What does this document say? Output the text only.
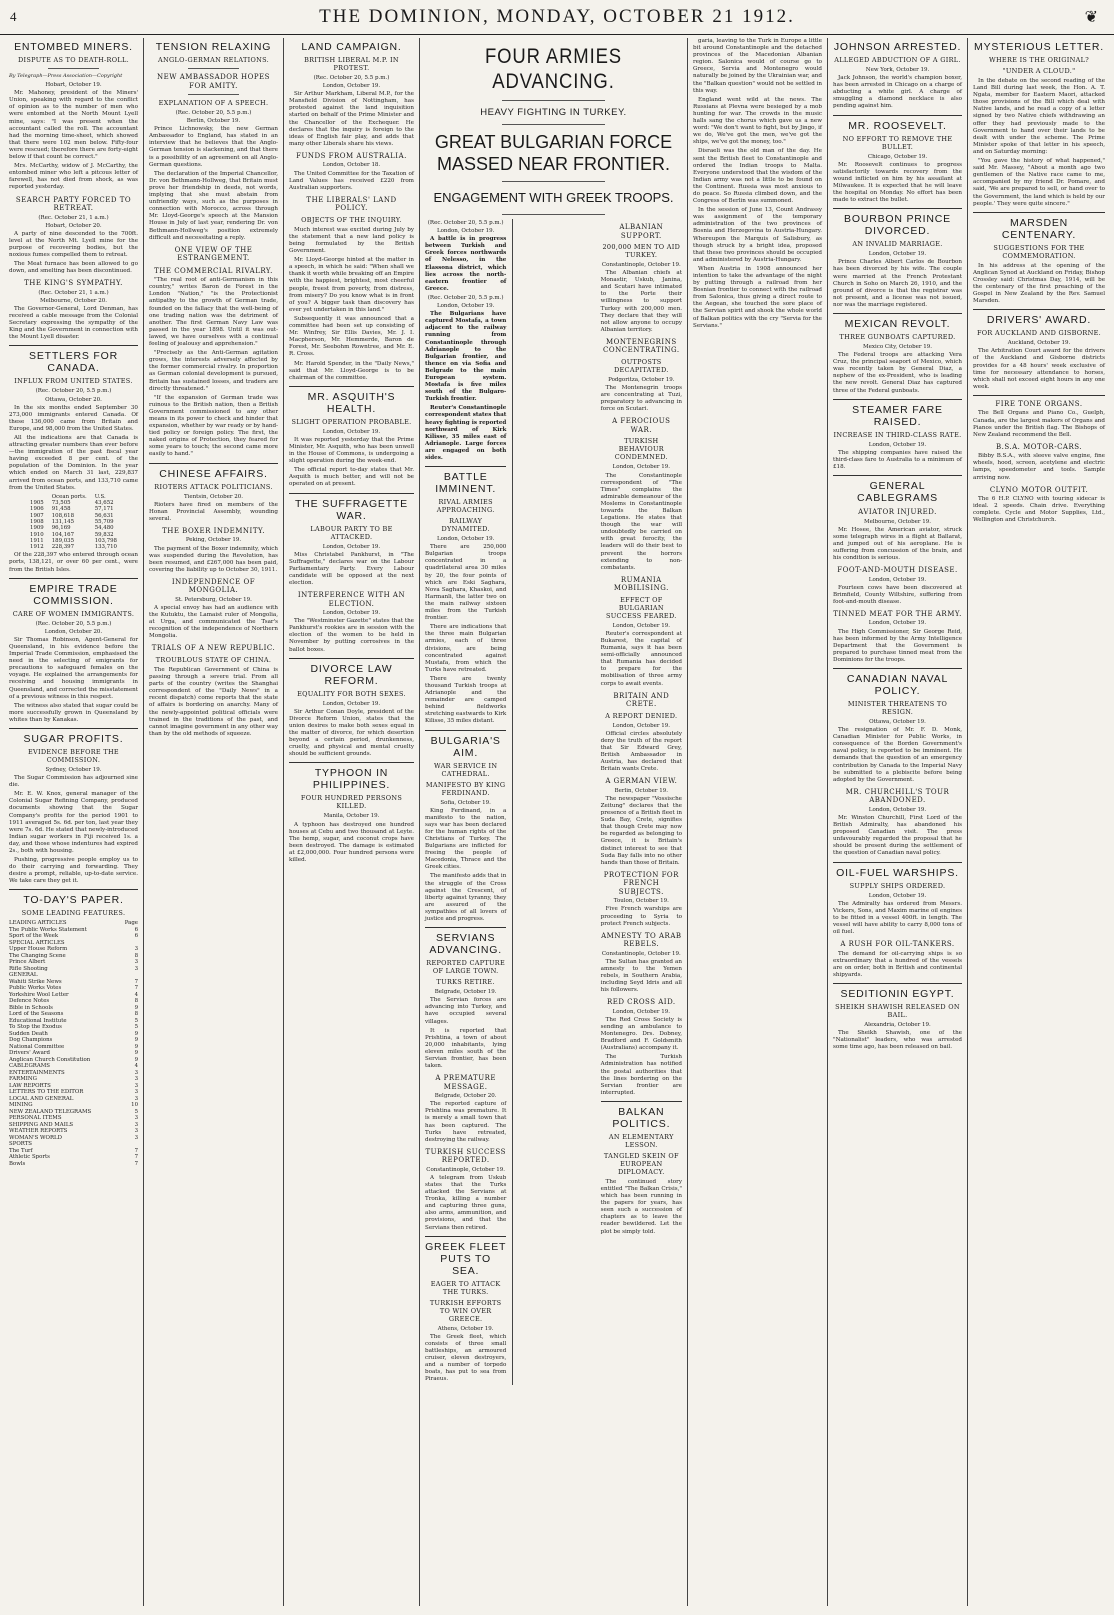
4	THE DOMINION, MONDAY, OCTOBER 21 1912.	❦
ENTOMBED MINERS.
DISPUTE AS TO DEATH-ROLL.
By Telegraph—Press Association—Copyright
Hobart, October 19.
Mr. Mahoney, president of the Miners' Union, speaking with regard to the conflict of opinion as to the number of men who were entombed at the North Mount Lyell mine, says: "I was present when the accountant called the roll. The accountant had the morning time-sheet, which showed that there were 102 men below. Fifty-four were rescued; therefore there are forty-eight below if that count be correct."
Mrs. McCarthy, widow of J. McCarthy, the entombed miner who left a pitcous letter of farewell, has not died from shock, as was reported yesterday.
SEARCH PARTY FORCED TO RETREAT.
(Rec. October 21, 1 a.m.)
Hobart, October 20.
A party of nine descended to the 700ft. level at the North Mt. Lyell mine for the purpose of recovering bodies, but the noxious fumes compelled them to retreat.
The Meat furnace has been allowed to go down, and smelting has been discontinued.
THE KING'S SYMPATHY.
(Rec. October 21, 1 a.m.)
Melbourne, October 20.
The Governor-General, Lord Denman, has received a cable message from the Colonial Secretary expressing the sympathy of the King and the Government in connection with the Mount Lyell disaster.
SETTLERS FOR CANADA.
INFLUX FROM UNITED STATES.
(Rec. October 20, 5.5 p.m.)
Ottawa, October 20.
In the six months ended September 30 273,000 immigrants entered Canada. Of these 136,000 came from Britain and Europe, and 98,000 from the United States.
All the indications are that Canada is attracting greater numbers than ever before—the immigration of the past fiscal year having exceeded 8 per cent. of the population of the Dominion. In the year which ended on March 31 last, 229,837 arrived from ocean ports, and 133,710 came from the United States.
	Ocean ports.	U.S.
1905	73,505	43,652
1906	91,458	57,171
1907	108,618	56,631
1908	131,145	55,709
1909	96,169	54,480
1910	104,167	59,832
1911	189,035	103,798
1912	228,397	133,710
Of the 228,397 who entered through ocean ports, 138,121, or over 60 per cent., were from the British Isles.
EMPIRE TRADE COMMISSION.
CARE OF WOMEN IMMIGRANTS.
(Rec. October 20, 5.5 p.m.)
London, October 20.
Sir Thomas Robinson, Agent-General for Queensland, in his evidence before the Imperial Trade Commission, emphasised the need in the selecting of emigrants for precautions to safeguard females on the voyage. He explained the arrangements for receiving and housing immigrants in Queensland, and corrected the misstatement of a previous witness in this respect.
The witness also stated that sugar could be more successfully grown in Queensland by whites than by Kanakas.
SUGAR PROFITS.
EVIDENCE BEFORE THE COMMISSION.
Sydney, October 19.
The Sugar Commission has adjourned sine die.
Mr. E. W. Knox, general manager of the Colonial Sugar Refining Company, produced documents showing that the Sugar Company's profits for the period 1901 to 1911 averaged 5s. 6d. per ton, last year they were 7s. 6d. He stated that newly-introduced Indian sugar workers in Fiji received 1s. a day, and those whose indentures had expired 2s., both with housing.
Pushing, progressive people employ us to do their carrying and forwarding. They desire a prompt, reliable, up-to-date service. We take care they get it.
TO-DAY'S PAPER.
SOME LEADING FEATURES.
LEADING ARTICLES	Page
The Public Works Statement	6
Sport of the Week	6
SPECIAL ARTICLES
Upper House Reform	3
The Changing Scene	8
Prince Albert	3
Rifle Shooting	3
GENERAL
Wahiti Strike News	7
Public Works Votes	7
Yorkshire Wool Letter	4
Defence Notes	8
Bible in Schools	9
Lord of the Seasons	8
Educational Institute	5
To Stop the Exodus	5
Sudden Death	9
Dog Champions	9
National Committee	9
Drivers' Award	9
Anglican Church Constitution	9
CABLEGRAMS	4
ENTERTAINMENTS	3
FARMING	3
LAW REPORTS	3
LETTERS TO THE EDITOR	3
LOCAL AND GENERAL	3
MINING	10
NEW ZEALAND TELEGRAMS	5
PERSONAL ITEMS	3
SHIPPING AND MAILS	3
WEATHER REPORTS	3
WOMAN'S WORLD	3
SPORTS
The Turf	7
Athletic Sports	7
Bowls	7
TENSION RELAXING
ANGLO-GERMAN RELATIONS.
NEW AMBASSADOR HOPES FOR AMITY.
EXPLANATION OF A SPEECH.
(Rec. October 20, 5.5 p.m.)
Berlin, October 19.
Prince Lichnowsky, the new German Ambassador to England, has stated in an interview that he believes that the Anglo-German tension is slackening, and that there is a possibility of an agreement on all Anglo-German questions.
The declaration of the Imperial Chancellor, Dr. von Bethmann-Hollweg, that Britain must prove her friendship in deeds, not words, implying that she must abstain from unfriendly ways, such as the purposes in connection with Morocco, across through Mr. Lloyd-George's speech at the Mansion House in July of last year, rendering Dr. von Bethmann-Hollweg's position extremely difficult and necessitating a reply.
ONE VIEW OF THE ESTRANGEMENT.
THE COMMERCIAL RIVALRY.
"The real root of anti-Germanism in this country," writes Baron de Forest in the London "Nation," "is the Protectionist antipathy to the growth of German trade, founded on the fallacy that the well-being of one trading nation was the detriment of another. The first German Navy Law was passed in the year 1898. Until it was out-lawed, we have ourselves with a continual feeling of jealousy and apprehension."
"Precisely as the Anti-German agitation grows, the interests adversely affected by the former commercial rivalry. In proportion as German colonial development is pursued, Britain has sustained losses, and traders are directly threatened."
"If the expansion of German trade was ruinous to the British nation, then a British Government commissioned to any other means in its power to check and hinder that expansion, whether by war ready or by hand-tied policy or foreign policy. The first, the naked origins of Protection, they feared for some years to touch; the second came more easily to hand."
CHINESE AFFAIRS.
RIOTERS ATTACK POLITICIANS.
Tientsin, October 20.
Rioters have fired on members of the Honan Provincial Assembly, wounding several.
THE BOXER INDEMNITY.
Peking, October 19.
The payment of the Boxer indemnity, which was suspended during the Revolution, has been resumed, and £267,000 has been paid, covering the liability up to October 30, 1911.
INDEPENDENCE OF MONGOLIA.
St. Petersburg, October 19.
A special envoy has had an audience with the Kutuktu, the Lamaist ruler of Mongolia, at Urga, and communicated the Tsar's recognition of the independence of Northern Mongolia.
TRIALS OF A NEW REPUBLIC.
TROUBLOUS STATE OF CHINA.
The Republican Government of China is passing through a severe trial. From all parts of the country (writes the Shanghai correspondent of the "Daily News" in a recent dispatch) come reports that the state of affairs is bordering on anarchy. Many of the newly-appointed political officials were trained in the traditions of the past, and cannot imagine government in any other way than by the old methods of squeeze.
LAND CAMPAIGN.
BRITISH LIBERAL M.P. IN PROTEST.
(Rec. October 20, 5.5 p.m.)
London, October 19.
Sir Arthur Markham, Liberal M.P., for the Mansfield Division of Nottingham, has protested against the land inquisition started on behalf of the Prime Minister and the Chancellor of the Exchequer. He declares that the inquiry is foreign to the ideas of English fair play, and adds that many other Liberals share his views.
FUNDS FROM AUSTRALIA.
London, October 18.
The United Committee for the Taxation of Land Values has received £220 from Australian supporters.
THE LIBERALS' LAND POLICY.
OBJECTS OF THE INQUIRY.
Much interest was excited during July by the statement that a new land policy is being formulated by the British Government.
Mr. Lloyd-George hinted at the matter in a speech, in which he said: "When shall we thank it worth while breaking off an Empire with the happiest, brightest, most cheerful people, freest from poverty, from distress, from misery? Do you know what is in front of you? A bigger task than discovery has ever yet undertaken in this land."
Subsequently it was announced that a committee had been set up consisting of Mr. Winfrey, Sir Ellis Davies, Mr. J. I. Macpherson, Mr. Hemmerde, Baron de Forest, Mr. Seebohm Rowntree, and Mr. E. R. Cross.
Mr. Harold Spender, in the "Daily News," said that Mr. Lloyd-George is to be chairman of the committee.
MR. ASQUITH'S HEALTH.
SLIGHT OPERATION PROBABLE.
London, October 19.
It was reported yesterday that the Prime Minister, Mr. Asquith, who has been unwell in the House of Commons, is undergoing a slight operation during the week-end.
The official report to-day states that Mr. Asquith is much better, and will not be operated on at present.
THE SUFFRAGETTE WAR.
LABOUR PARTY TO BE ATTACKED.
London, October 19.
Miss Christabel Pankhurst, in "The Suffragette," declares war on the Labour Parliamentary Party. Every Labour candidate will be opposed at the next election.
INTERFERENCE WITH AN ELECTION.
London, October 19.
The "Westminster Gazette" states that the Pankhurst's rookies are in session with the election of the women to be held in November by putting corrosives in the ballot boxes.
DIVORCE LAW REFORM.
EQUALITY FOR BOTH SEXES.
London, October 19.
Sir Arthur Conan Doyle, president of the Divorce Reform Union, states that the union desires to make both sexes equal in the matter of divorce, for which desertion beyond a certain period, drunkenness, cruelty, and physical and mental cruelty should be sufficient grounds.
TYPHOON IN PHILIPPINES.
FOUR HUNDRED PERSONS KILLED.
Manila, October 19.
A typhoon has destroyed one hundred houses at Cebu and two thousand at Leyte. The hemp, sugar, and coconut crops have been destroyed. The damage is estimated at £2,000,000. Four hundred persons were killed.
FOUR ARMIES ADVANCING.
HEAVY FIGHTING IN TURKEY.
GREAT BULGARIAN FORCE MASSED NEAR FRONTIER.
ENGAGEMENT WITH GREEK TROOPS.
(Rec. October 20, 5.5 p.m.)
London, October 19.
A battle is in progress between Turkish and Greek forces northwards of Nelesso, in the Elassona district, which lies across the north-eastern frontier of Greece.
(Rec. October 20, 5.5 p.m.)
London, October 19.
The Bulgarians have captured Mostafa, a town adjacent to the railway running from Constantinople through Adrianople to the Bulgarian frontier, and thence on via Sofia and Belgrade to the main European system. Mostafa is five miles south of the Bulgaro-Turkish frontier.
Reuter's Constantinople correspondent states that heavy fighting is reported northward of Kirk Kilisse, 35 miles east of Adrianople. Large forces are engaged on both sides.
BATTLE IMMINENT.
RIVAL ARMIES APPROACHING.
RAILWAY DYNAMITED.
London, October 19.
There are 250,000 Bulgarian troops concentrated in a quadrilateral area 30 miles by 20, the four points of which are Eski Saghara, Nova Saghara, Khaskoi, and Harmanli, the latter two on the main railway sixteen miles from the Turkish frontier.
There are indications that the three main Bulgarian armies, each of three divisions, are being concentrated against Mustafa, from which the Turks have retreated.
There are twenty thousand Turkish troops at Adrianople and the remainder are camped behind fieldworks stretching eastwards to Kirk Kilisse, 35 miles distant.
BULGARIA'S AIM.
WAR SERVICE IN CATHEDRAL.
MANIFESTO BY KING FERDINAND.
Sofia, October 19.
King Ferdinand, in a manifesto to the nation, says war has been declared for the human rights of the Christians of Turkey. The Bulgarians are inflicted for freeing the people of Macedonia, Thrace and the Greek cities.
The manifesto adds that in the struggle of the Cross against the Crescent, of liberty against tyranny, they are assured of the sympathies of all lovers of justice and progress.
SERVIANS ADVANCING.
REPORTED CAPTURE OF LARGE TOWN.
TURKS RETIRE.
Belgrade, October 19.
The Servian forces are advancing into Turkey, and have occupied several villages.
It is reported that Prishtina, a town of about 20,000 inhabitants, lying eleven miles south of the Servian frontier, has been taken.
A PREMATURE MESSAGE.
Belgrade, October 20.
The reported capture of Prishtina was premature. It is merely a small town that has been captured. The Turks have retreated, destroying the railway.
TURKISH SUCCESS REPORTED.
Constantinople, October 19.
A telegram from Uskub states that the Turks attacked the Servians at Tronka, killing a number and capturing three guns, also arms, ammunition, and provisions, and that the Servians then retired.
GREEK FLEET PUTS TO SEA.
EAGER TO ATTACK THE TURKS.
TURKISH EFFORTS TO WIN OVER GREECE.
Athens, October 19.
The Greek fleet, which consists of three small battleships, an armoured cruiser, eleven destroyers, and a number of torpedo boats, has put to sea from Piraeus.
ALBANIAN SUPPORT.
200,000 MEN TO AID TURKEY.
Constantinople, October 19.
The Albanian chiefs at Monastir, Uskub, Janina, and Scutari have intimated to the Porte their willingness to support Turkey with 200,000 men. They declare that they will not allow anyone to occupy Albanian territory.
MONTENEGRINS CONCENTRATING.
OUTPOSTS DECAPITATED.
Podgoritza, October 19.
The Montenegrin troops are concentrating at Tuzi, preparatory to advancing in force on Scutari.
A FEROCIOUS WAR.
TURKISH BEHAVIOUR CONDEMNED.
London, October 19.
The Constantinople correspondent of "The Times" complains the admirable demeanour of the Moslems in Constantinople towards the Balkan Legations. He states that though the war will undoubtedly be carried on with great ferocity, the leaders will do their best to prevent the horrors extending to non-combatants.
RUMANIA MOBILISING.
EFFECT OF BULGARIAN SUCCESS FEARED.
London, October 19.
Reuter's correspondent at Bukarest, the capital of Rumania, says it has been semi-officially announced that Rumania has decided to prepare for the mobilisation of three army corps to await events.
BRITAIN AND CRETE.
A REPORT DENIED.
London, October 19.
Official circles absolutely deny the truth of the report that Sir Edward Grey, British Ambassador in Austria, has declared that Britain wants Crete.
A GERMAN VIEW.
Berlin, October 19.
The newspaper "Vossische Zeitung" declares that the presence of a British fleet in Suda Bay, Crete, signifies that though Crete may now be regarded as belonging to Greece, it is Britain's distinct interest to see that Suda Bay falls into no other hands than those of Britain.
PROTECTION FOR FRENCH SUBJECTS.
Toulon, October 19.
Five French warships are proceeding to Syria to protect French subjects.
AMNESTY TO ARAB REBELS.
Constantinople, October 19.
The Sultan has granted an amnesty to the Yemen rebels, in Southern Arabia, including Seyd Idris and all his followers.
RED CROSS AID.
London, October 19.
The Red Cross Society is sending an ambulance to Montenegro. Drs. Dobney, Bradford and F. Goldsmith (Australians) accompany it.
The Turkish Administration has notified the postal authorities that the lines bordering on the Servian frontier are interrupted.
BALKAN POLITICS.
AN ELEMENTARY LESSON.
TANGLED SKEIN OF EUROPEAN DIPLOMACY.
The continued story entitled "The Balkan Crisis," which has been running in the papers for years, has seen such a succession of chapters as to leave the reader bewildered. Let the plot be simply told.
garia, leaving to the Turk in Europe a little bit around Constantinople and the detached provinces of the Macedonian Albanian region. Salonica would of course go to Greece, Servia and Montenegro would naturally be joined by the Ukrainian war, and the "Balkan question" would not be settled in this way.
England went wild at the news. The Russians at Plevna were besieged by a mob hunting for war. The crowds in the music halls sang the chorus which gave us a new word: "We don't want to fight, but by Jingo, if we do, We've got the men, we've got the ships, we've got the money, too."
Disraeli was the old man of the day. He sent the British fleet to Constantinople and ordered the Indian troops to Malta. Everyone understood that the wisdom of the Indian army was not a little to be found on the Continent. Russia was most anxious to do peace. So Russia climbed down, and the Congress of Berlin was summoned.
In the session of June 13, Count Andrassy was assignment of the temporary administration of the two provinces of Bosnia and Herzegovina to Austria-Hungary. Whereupon the Marquis of Salisbury, as though struck by a bright idea, proposed that these two provinces should be occupied and administered by Austria-Hungary.
When Austria in 1908 announced her intention to take the advantage of the night by putting through a railroad from her Bosnian frontier to connect with the railroad from Salonica, thus giving a direct route to the Aegean, she touched the sore place of the Servian spirit and shook the whole world of Balkan politics with the cry "Servia for the Servians."
JOHNSON ARRESTED.
ALLEGED ABDUCTION OF A GIRL.
New York, October 19.
Jack Johnson, the world's champion boxer, has been arrested in Chicago on a charge of abducting a white girl. A charge of smuggling a diamond necklace is also pending against him.
MR. ROOSEVELT.
NO EFFORT TO REMOVE THE BULLET.
Chicago, October 19.
Mr. Roosevelt continues to progress satisfactorily towards recovery from the wound inflicted on him by his assailant at Milwaukee. It is expected that he will leave the hospital on Monday. No effort has been made to extract the bullet.
BOURBON PRINCE DIVORCED.
AN INVALID MARRIAGE.
London, October 19.
Prince Charles Albert Carlos de Bourbon has been divorced by his wife. The couple were married at the French Protestant Church in Soho on March 26, 1910, and the ground of divorce is that the registrar was not present, and a license was not issued, nor was the marriage registered.
MEXICAN REVOLT.
THREE GUNBOATS CAPTURED.
Mexico City, October 19.
The Federal troops are attacking Vera Cruz, the principal seaport of Mexico, which was recently taken by General Diaz, a nephew of the ex-President, who is leading the new revolt. General Diaz has captured three of the Federal gunboats.
STEAMER FARE RAISED.
INCREASE IN THIRD-CLASS RATE.
London, October 19.
The shipping companies have raised the third-class fare to Australia to a minimum of £18.
GENERAL CABLEGRAMS
AVIATOR INJURED.
Melbourne, October 19.
Mr. Hosee, the American aviator, struck some telegraph wires in a flight at Ballarat, and jumped out of his aeroplane. He is suffering from concussion of the brain, and his condition is serious.
FOOT-AND-MOUTH DISEASE.
London, October 19.
Fourteen cows have been discovered at Brimfield, County Wiltshire, suffering from foot-and-mouth disease.
TINNED MEAT FOR THE ARMY.
London, October 19.
The High Commissioner, Sir George Reid, has been informed by the Army Intelligence Department that the Government is prepared to purchase tinned meat from the Dominions for the troops.
CANADIAN NAVAL POLICY.
MINISTER THREATENS TO RESIGN.
Ottawa, October 19.
The resignation of Mr. F. D. Monk, Canadian Minister for Public Works, in consequence of the Borden Government's naval policy, is reported to be imminent. He demands that the question of an emergency contribution by Canada to the Imperial Navy be submitted to a plebiscite before being adopted by the Government.
MR. CHURCHILL'S TOUR ABANDONED.
London, October 19.
Mr. Winston Churchill, First Lord of the British Admiralty, has abandoned his proposed Canadian visit. The press unfavourably regarded the proposal that he should be present during the settlement of the question of Canadian naval policy.
OIL-FUEL WARSHIPS.
SUPPLY SHIPS ORDERED.
London, October 19.
The Admiralty has ordered from Messrs. Vickers, Sons, and Maxim marine oil engines to be fitted in a vessel 400ft. in length. The vessel will have ability to carry 8,000 tons of oil fuel.
A RUSH FOR OIL-TANKERS.
The demand for oil-carrying ships is so extraordinary that a hundred of the vessels are on order, both in British and continental shipyards.
SEDITIONIN EGYPT.
SHEIKH SHAWISH RELEASED ON BAIL.
Alexandria, October 19.
The Sheikh Shawish, one of the "Nationalist" leaders, who was arrested some time ago, has been released on bail.
MYSTERIOUS LETTER.
WHERE IS THE ORIGINAL?
"UNDER A CLOUD."
In the debate on the second reading of the Land Bill during last week, the Hon. A. T. Ngata, member for Eastern Maori, attacked those provisions of the Bill which deal with Native lands, and he read a copy of a letter signed by two Native chiefs withdrawing an offer they had previously made to the Government to hand over their lands to be dealt with under the scheme. The Prime Minister spoke of that letter in his speech, and on Saturday morning:
"You gave the history of what happened," said Mr. Massey, "About a month ago two gentlemen of the Native race came to me, accompanied by my friend Dr. Pomare, and said, 'We are prepared to sell, or hand over to the Government, the land which is held by our people.' They were quite sincere."
MARSDEN CENTENARY.
SUGGESTIONS FOR THE COMMEMORATION.
In his address at the opening of the Anglican Synod at Auckland on Friday, Bishop Crossley said: Christmas Day, 1914, will be the centenary of the first preaching of the Gospel in New Zealand by the Rev. Samuel Marsden.
DRIVERS' AWARD.
FOR AUCKLAND AND GISBORNE.
Auckland, October 19.
The Arbitration Court award for the drivers of the Auckland and Gisborne districts provides for a 48 hours' week exclusive of time for necessary attendance to horses, which shall not exceed eight hours in any one week.
FIRE TONE ORGANS.
The Bell Organs and Piano Co., Guelph, Canada, are the largest makers of Organs and Pianos under the British flag. The Bishops of New Zealand recommend the Bell.
B.S.A. MOTOR-CARS.
Bibby B.S.A., with sleeve valve engine, fine wheels, hood, screen, acetylene and electric lamps, speedometer and tools. Sample arriving now.
CLYNO MOTOR OUTFIT.
The 6 H.P. CLYNO with touring sidecar is ideal. 2 speeds. Chain drive. Everything complete. Cycle and Motor Supplies, Ltd., Wellington and Christchurch.
